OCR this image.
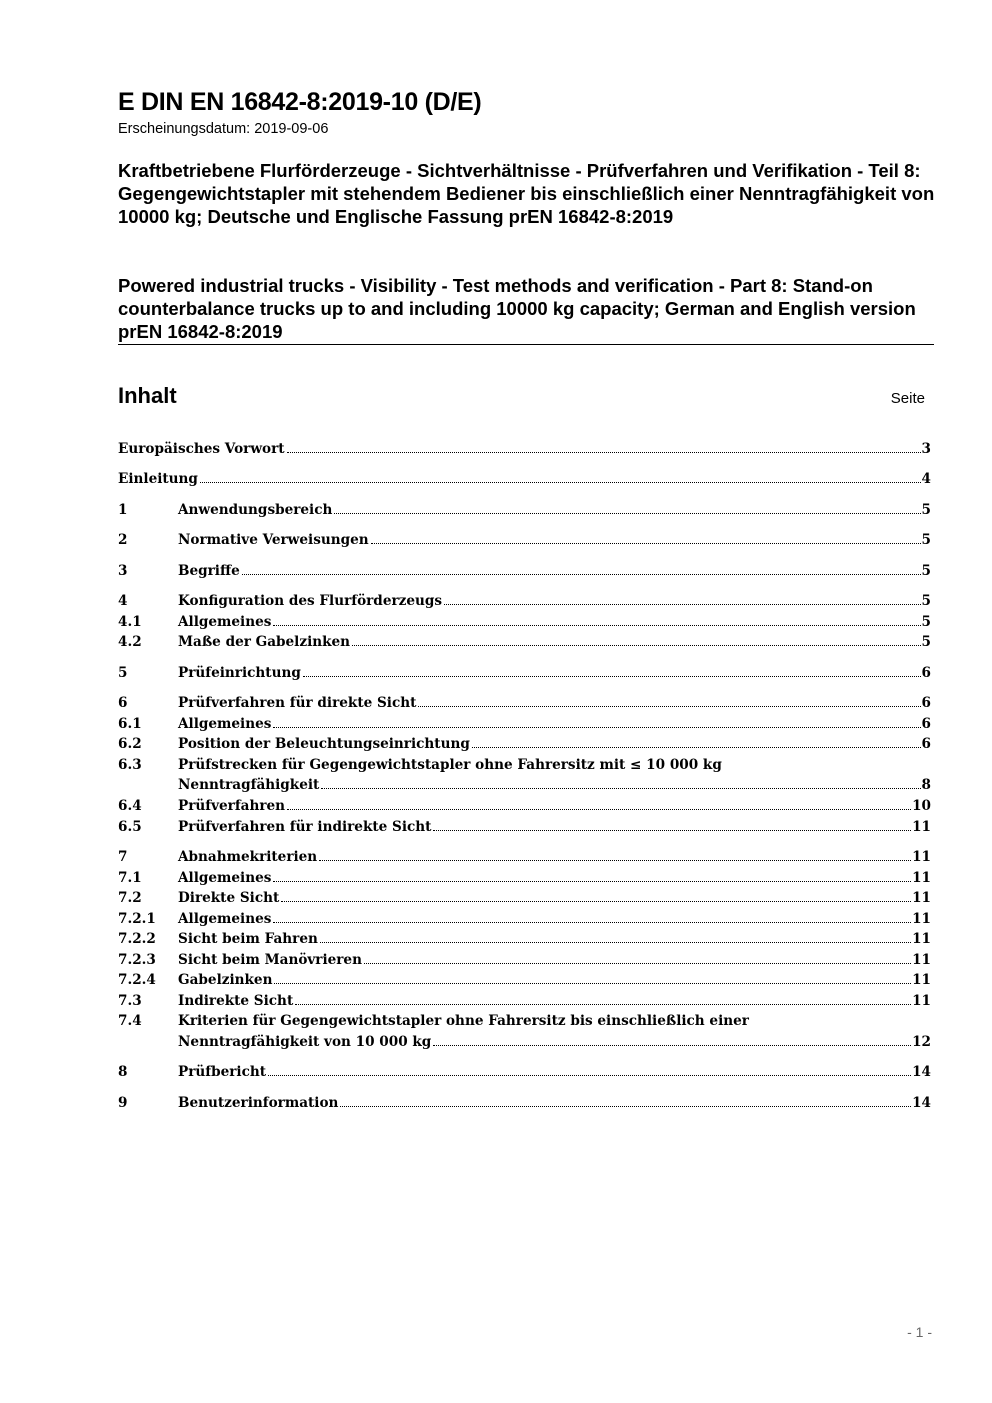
E DIN EN 16842-8:2019-10 (D/E)

Erscheinungsdatum: 2019-09-06

Kraftbetriebene Flurförderzeuge - Sichtverhältnisse - Prüfverfahren und Verifikation - Teil 8: Gegengewichtstapler mit stehendem Bediener bis einschließlich einer Nenntragfähigkeit von 10000 kg; Deutsche und Englische Fassung prEN 16842-8:2019

Powered industrial trucks - Visibility - Test methods and verification - Part 8: Stand-on counterbalance trucks up to and including 10000 kg capacity; German and English version prEN 16842-8:2019

Inhalt	Seite
Europäisches Vorwort	3
Einleitung	4
1	Anwendungsbereich	5
2	Normative Verweisungen	5
3	Begriffe	5
4	Konfiguration des Flurförderzeugs	5
4.1	Allgemeines	5
4.2	Maße der Gabelzinken	5
5	Prüfeinrichtung	6
6	Prüfverfahren für direkte Sicht	6
6.1	Allgemeines	6
6.2	Position der Beleuchtungseinrichtung	6
6.3	Prüfstrecken für Gegengewichtstapler ohne Fahrersitz mit ≤ 10 000 kg
Nenntragfähigkeit	8
6.4	Prüfverfahren	10
6.5	Prüfverfahren für indirekte Sicht	11
7	Abnahmekriterien	11
7.1	Allgemeines	11
7.2	Direkte Sicht	11
7.2.1 Allgemeines	11
7.2.2 Sicht beim Fahren	11
7.2.3 Sicht beim Manövrieren	11
7.2.4 Gabelzinken	11
7.3	Indirekte Sicht	11
7.4	Kriterien für Gegengewichtstapler ohne Fahrersitz bis einschließlich einer
Nenntragfähigkeit von 10 000 kg	12
8	Prüfbericht	14
9	Benutzerinformation	14
- 1 -
